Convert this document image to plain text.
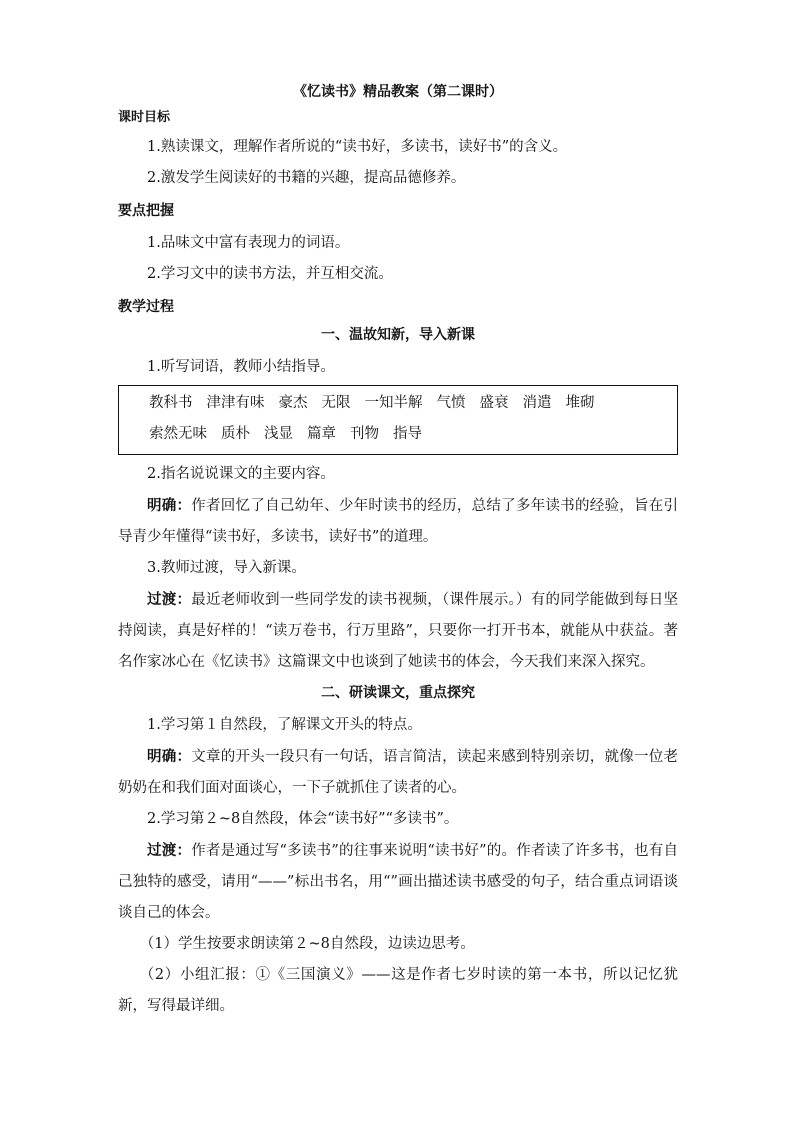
《忆读书》精品教案（第二课时）
课时目标

1.熟读课文，理解作者所说的“读书好，多读书，读好书”的含义。

2.激发学生阅读好的书籍的兴趣，提高品德修养。

要点把握

1.品味文中富有表现力的词语。

2.学习文中的读书方法，并互相交流。

教学过程
一、温故知新，导入新课

1.听写词语，教师小结指导。

教科书 津津有味 豪杰 无限 一知半解 气愤 盛衰 消遣 堆砌
索然无味 质朴 浅显 篇章 刊物 指导

2.指名说说课文的主要内容。

明确：作者回忆了自己幼年、少年时读书的经历，总结了多年读书的经验，旨在引导青少年懂得“读书好，多读书，读好书”的道理。

3.教师过渡，导入新课。

过渡：最近老师收到一些同学发的读书视频，（课件展示。）有的同学能做到每日坚持阅读，真是好样的！“读万卷书，行万里路”，只要你一打开书本，就能从中获益。著名作家冰心在《忆读书》这篇课文中也谈到了她读书的体会，今天我们来深入探究。

二、研读课文，重点探究

1.学习第１自然段，了解课文开头的特点。

明确：文章的开头一段只有一句话，语言简洁，读起来感到特别亲切，就像一位老奶奶在和我们面对面谈心，一下子就抓住了读者的心。

2.学习第２~8自然段，体会“读书好”“多读书”。

过渡：作者是通过写“多读书”的往事来说明“读书好”的。作者读了许多书，也有自己独特的感受，请用“——”标出书名，用“”画出描述读书感受的句子，结合重点词语谈谈自己的体会。

（1）学生按要求朗读第２~8自然段，边读边思考。

（2）小组汇报：①《三国演义》——这是作者七岁时读的第一本书，所以记忆犹新，写得最详细。
